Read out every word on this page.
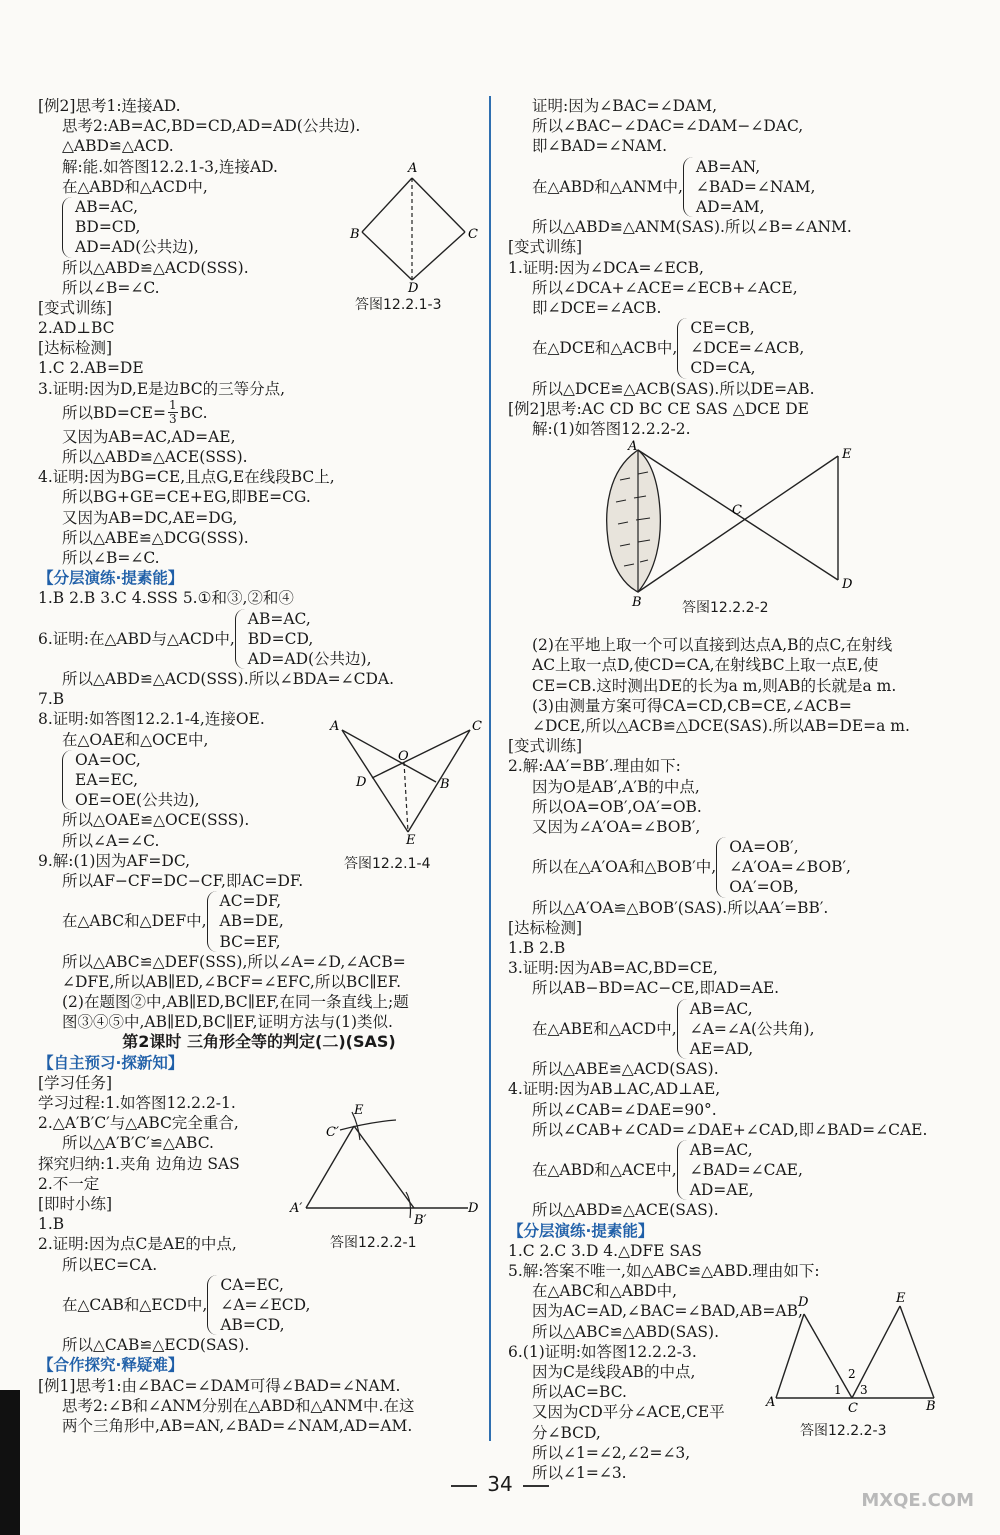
[例2]思考1:连接AD.
思考2:AB=AC,BD=CD,AD=AD(公共边).
△ABD≌△ACD.
解:能.如答图12.2.1-3,连接AD.
在△ABD和△ACD中,
AB=AC,
BD=CD,
AD=AD(公共边),
所以△ABD≌△ACD(SSS).
所以∠B=∠C.
[变式训练]
2.AD⊥BC
[达标检测]
1.C 2.AB=DE
3.证明:因为D,E是边BC的三等分点,
所以$BD=CE= \frac{1}{3}$ BC.
又因为AB=AC,AD=AE,
所以△ABD≌△ACE(SSS).
4.证明:因为BG=CE,且点G,E在线段BC上,
所以BG+GE=CE+EG,即BE=CG.
又因为AB=DC,AE=DG,
所以△ABE≌△DCG(SSS).
所以∠B=∠C.
【分层演练·提素能】
1.B 2.B 3.C 4.SSS 5.①和③,②和④
6.证明:在△ABD与△ACD中,
AB=AC,
BD=CD,
AD=AD(公共边),
所以△ABD≌△ACD(SSS).所以∠BDA=∠CDA.
7.B
8.证明:如答图12.2.1-4,连接OE.
在△OAE和△OCE中,
OA=OC,
EA=EC,
OE=OE(公共边),
所以△OAE≌△OCE(SSS).
所以∠A=∠C.
9.解:(1)因为AF=DC,
所以AF−CF=DC−CF,即AC=DF.
在△ABC和△DEF中,
AC=DF,
AB=DE,
BC=EF,
所以△ABC≌△DEF(SSS),所以∠A=∠D,∠ACB=
∠DFE,所以AB∥ED,∠BCF=∠EFC,所以BC∥EF.
(2)在题图②中,AB∥ED,BC∥EF,在同一条直线上;题
图③④⑤中,AB∥ED,BC∥EF,证明方法与(1)类似.
第2课时 三角形全等的判定(二)(SAS)
【自主预习·探新知】
[学习任务]
学习过程:1.如答图12.2.2-1.
2.△A′B′C′与△ABC完全重合,
所以△A′B′C′≌△ABC.
探究归纳:1.夹角 边角边 SAS
2.不一定
[即时小练]
1.B
2.证明:因为点C是AE的中点,
所以EC=CA.
在△CAB和△ECD中,
CA=EC,
∠A=∠ECD,
AB=CD,
所以△CAB≌△ECD(SAS).
【合作探究·释疑难】
[例1]思考1:由∠BAC=∠DAM可得∠BAD=∠NAM.
思考2:∠B和∠ANM分别在△ABD和△ANM中.在这
两个三角形中,AB=AN,∠BAD=∠NAM,AD=AM.
证明:因为∠BAC=∠DAM,
所以∠BAC−∠DAC=∠DAM−∠DAC,
即∠BAD=∠NAM.
在△ABD和△ANM中,
AB=AN,
∠BAD=∠NAM,
AD=AM,
所以△ABD≌△ANM(SAS).所以∠B=∠ANM.
[变式训练]
1.证明:因为∠DCA=∠ECB,
所以∠DCA+∠ACE=∠ECB+∠ACE,
即∠DCE=∠ACB.
在△DCE和△ACB中,
CE=CB,
∠DCE=∠ACB,
CD=CA,
所以△DCE≌△ACB(SAS).所以DE=AB.
[例2]思考:AC CD BC CE SAS △DCE DE
解:(1)如答图12.2.2-2.
(2)在平地上取一个可以直接到达点A,B的点C,在射线
AC上取一点D,使CD=CA,在射线BC上取一点E,使
CE=CB.这时测出DE的长为a m,则AB的长就是a m.
(3)由测量方案可得CA=CD,CB=CE,∠ACB=
∠DCE,所以△ACB≌△DCE(SAS).所以AB=DE=a m.
[变式训练]
2.解:AA′=BB′.理由如下:
因为O是AB′,A′B的中点,
所以OA=OB′,OA′=OB.
又因为∠A′OA=∠BOB′,
所以在△A′OA和△BOB′中,
OA=OB′,
∠A′OA=∠BOB′,
OA′=OB,
所以△A′OA≌△BOB′(SAS).所以AA′=BB′.
[达标检测]
1.B 2.B
3.证明:因为AB=AC,BD=CE,
所以AB−BD=AC−CE,即AD=AE.
在△ABE和△ACD中,
AB=AC,
∠A=∠A(公共角),
AE=AD,
所以△ABE≌△ACD(SAS).
4.证明:因为AB⊥AC,AD⊥AE,
所以∠CAB=∠DAE=90°.
所以∠CAB+∠CAD=∠DAE+∠CAD,即∠BAD=∠CAE.
在△ABD和△ACE中,
AB=AC,
∠BAD=∠CAE,
AD=AE,
所以△ABD≌△ACE(SAS).
【分层演练·提素能】
1.C 2.C 3.D 4.△DFE SAS
5.解:答案不唯一,如△ABC≌△ABD.理由如下:
在△ABC和△ABD中,
因为AC=AD,∠BAC=∠BAD,AB=AB,
所以△ABC≌△ABD(SAS).
6.(1)证明:如答图12.2.2-3.
因为C是线段AB的中点,
所以AC=BC.
又因为CD平分∠ACE,CE平
分∠BCD,
所以∠1=∠2,∠2=∠3,
所以∠1=∠3.
A
B	C
D
答图12.2.1-3
A	C
O
D	B
E
答图12.2.1-4
E
C′
A′
B′
D
答图12.2.2-1
A
E
C
B
D
答图12.2.2-2
D	E
2
1 3
A	C	B
答图12.2.2-3
34
MXQE.COM
